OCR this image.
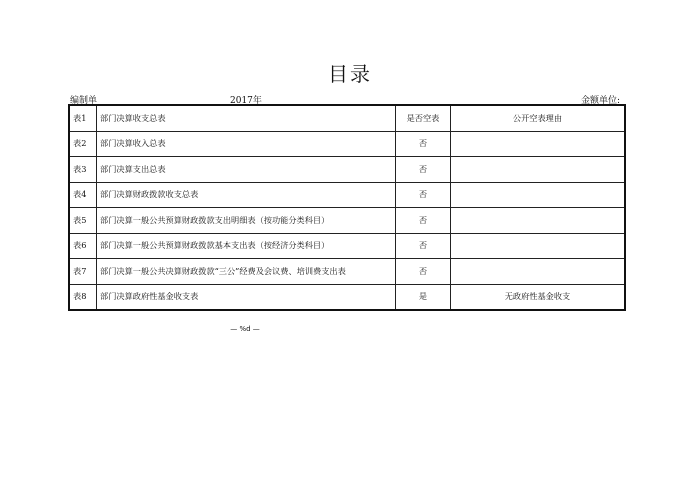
目录
编制单	2017年	金额单位:
表1	部门决算收支总表	是否空表	公开空表理由
表2	部门决算收入总表	否	
表3	部门决算支出总表	否	
表4	部门决算财政拨款收支总表	否	
表5	部门决算一般公共预算财政拨款支出明细表（按功能分类科目）	否	
表6	部门决算一般公共预算财政拨款基本支出表（按经济分类科目）	否	
表7	部门决算一般公共决算财政拨款“三公”经费及会议费、培训费支出表	否	
表8	部门决算政府性基金收支表	是	无政府性基金收支
— %d —
